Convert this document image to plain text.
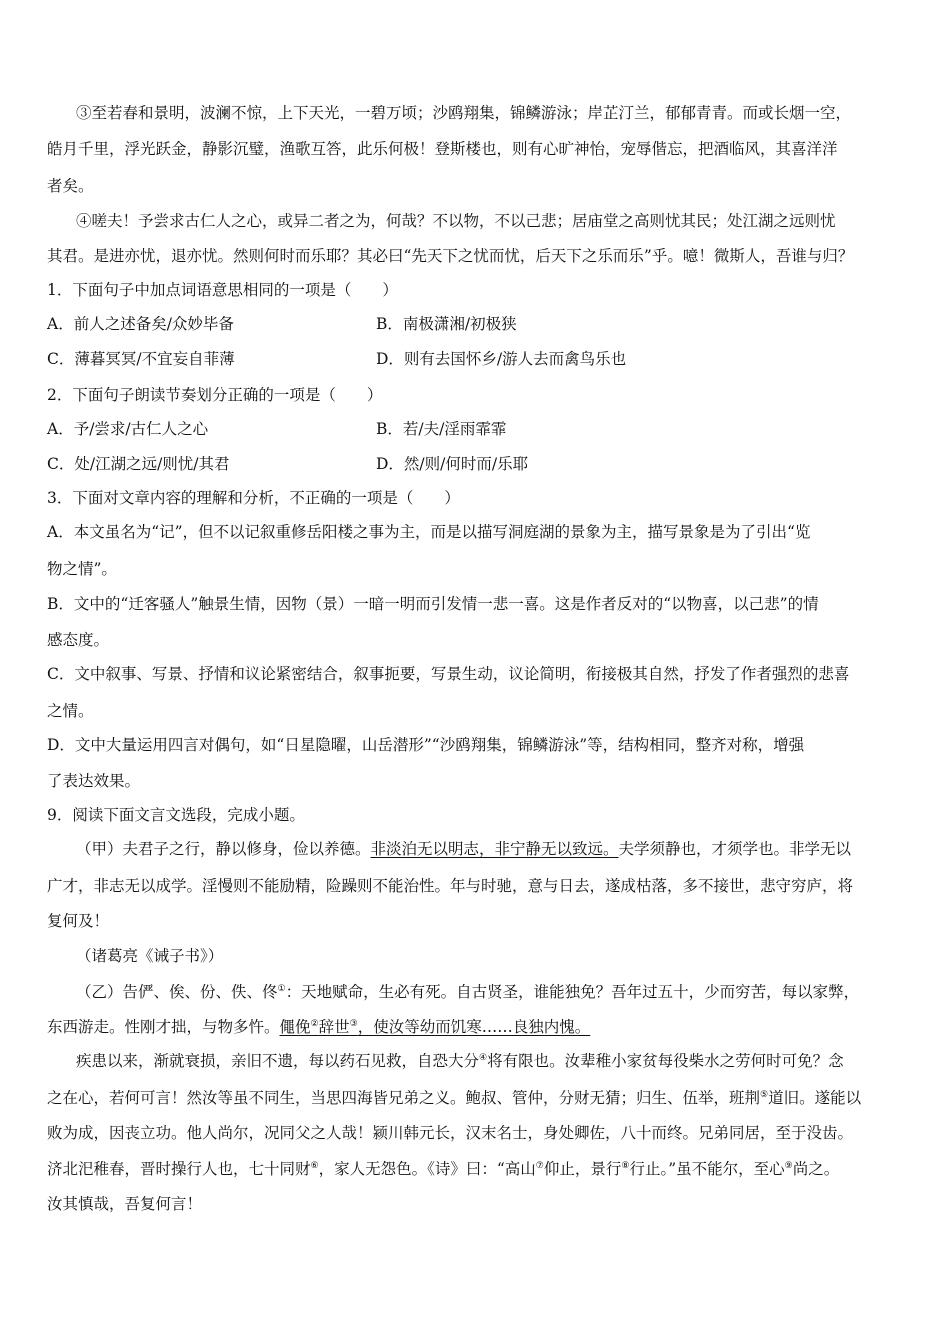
③至若春和景明，波澜不惊，上下天光，一碧万顷；沙鸥翔集，锦鳞游泳；岸芷汀兰，郁郁青青。而或长烟一空，
皓月千里，浮光跃金，静影沉璧，渔歌互答，此乐何极！登斯楼也，则有心旷神怡，宠辱偕忘，把酒临风，其喜洋洋
者矣。
④嗟夫！予尝求古仁人之心，或异二者之为，何哉？不以物，不以己悲；居庙堂之高则忧其民；处江湖之远则忧
其君。是进亦忧，退亦忧。然则何时而乐耶？其必曰“先天下之忧而忧，后天下之乐而乐”乎。噫！微斯人，吾谁与归？
1．下面句子中加点词语意思相同的一项是（　　）
A．前人之述备矣/众妙毕备	B．南极潇湘/初极狭
C．薄暮冥冥/不宜妄自菲薄	D．则有去国怀乡/游人去而禽鸟乐也
2．下面句子朗读节奏划分正确的一项是（　　）
A．予/尝求/古仁人之心	B．若/夫/淫雨霏霏
C．处/江湖之远/则忧/其君	D．然/则/何时而/乐耶
3．下面对文章内容的理解和分析，不正确的一项是（　　）
A．本文虽名为“记”，但不以记叙重修岳阳楼之事为主，而是以描写洞庭湖的景象为主，描写景象是为了引出“览
物之情”。
B．文中的“迁客骚人”触景生情，因物（景）一暗一明而引发情一悲一喜。这是作者反对的“以物喜，以己悲”的情
感态度。
C．文中叙事、写景、抒情和议论紧密结合，叙事扼要，写景生动，议论简明，衔接极其自然，抒发了作者强烈的悲喜
之情。
D．文中大量运用四言对偶句，如“日星隐曜，山岳潜形”“沙鸥翔集，锦鳞游泳”等，结构相同，整齐对称，增强
了表达效果。
9．阅读下面文言文选段，完成小题。
（甲）夫君子之行，静以修身，俭以养德。非淡泊无以明志，非宁静无以致远。夫学须静也，才须学也。非学无以
广才，非志无以成学。淫慢则不能励精，险躁则不能治性。年与时驰，意与日去，遂成枯落，多不接世，悲守穷庐，将
复何及！
（诸葛亮《诫子书》）
（乙）告俨、俟、份、佚、佟①：天地赋命，生必有死。自古贤圣，谁能独免？吾年过五十，少而穷苦，每以家弊，
东西游走。性刚才拙，与物多忤。僶俛②辞世③，使汝等幼而饥寒……良独内愧。
疾患以来，渐就衰损，亲旧不遗，每以药石见救，自恐大分④将有限也。汝辈稚小家贫每役柴水之劳何时可免？念
之在心，若何可言！然汝等虽不同生，当思四海皆兄弟之义。鲍叔、管仲，分财无猜；归生、伍举，班荆⑤道旧。遂能以
败为成，因丧立功。他人尚尔，况同父之人哉！颍川韩元长，汉末名士，身处卿佐，八十而终。兄弟同居，至于没齿。
济北汜稚春，晋时操行人也，七十同财⑥，家人无怨色。《诗》曰：“高山⑦仰止，景行⑧行止。”虽不能尔，至心⑨尚之。
汝其慎哉，吾复何言！
